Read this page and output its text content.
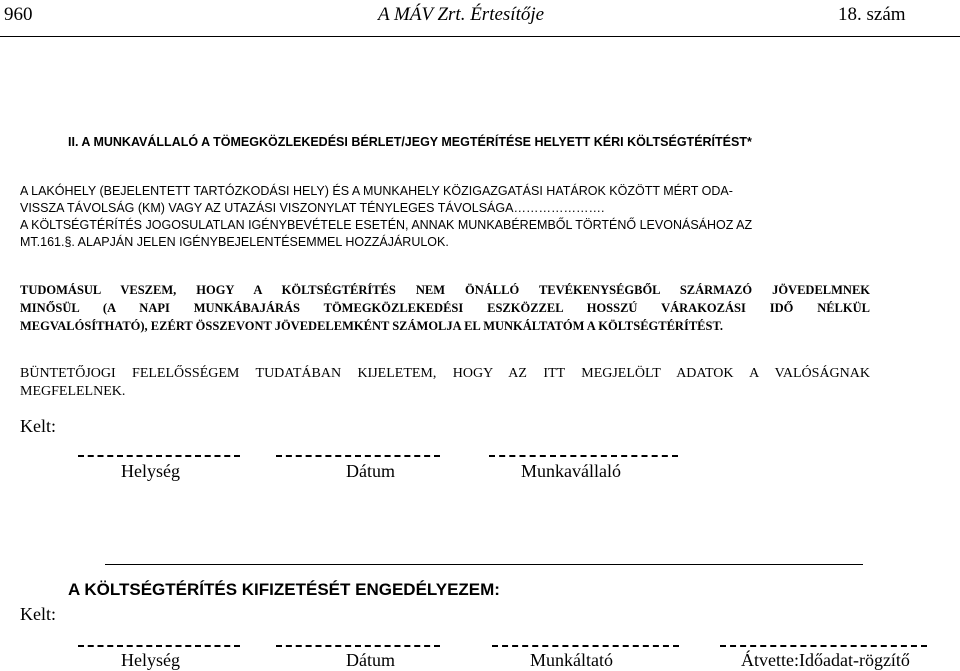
960	A MÁV Zrt. Értesítője	18. szám
II. A MUNKAVÁLLALÓ A TÖMEGKÖZLEKEDÉSI BÉRLET/JEGY MEGTÉRÍTÉSE HELYETT KÉRI KÖLTSÉGTÉRÍTÉST*
A LAKÓHELY (BEJELENTETT TARTÓZKODÁSI HELY) ÉS A MUNKAHELY KÖZIGAZGATÁSI HATÁROK KÖZÖTT MÉRT ODA-
VISSZA TÁVOLSÁG (KM) VAGY AZ UTAZÁSI VISZONYLAT TÉNYLEGES TÁVOLSÁGA………………….
A KÖLTSÉGTÉRÍTÉS JOGOSULATLAN IGÉNYBEVÉTELE ESETÉN, ANNAK MUNKABÉREMBŐL TÖRTÉNŐ LEVONÁSÁHOZ AZ
MT.161.§. ALAPJÁN JELEN IGÉNYBEJELENTÉSEMMEL HOZZÁJÁRULOK.
TUDOMÁSUL VESZEM, HOGY A KÖLTSÉGTÉRÍTÉS NEM ÖNÁLLÓ TEVÉKENYSÉGBŐL SZÁRMAZÓ JÖVEDELMNEK
MINŐSÜL (A NAPI MUNKÁBAJÁRÁS TÖMEGKÖZLEKEDÉSI ESZKÖZZEL HOSSZÚ VÁRAKOZÁSI IDŐ NÉLKÜL
MEGVALÓSÍTHATÓ), EZÉRT ÖSSZEVONT JÖVEDELEMKÉNT SZÁMOLJA EL MUNKÁLTATÓM A KÖLTSÉGTÉRÍTÉST.
BÜNTETŐJOGI FELELŐSSÉGEM TUDATÁBAN KIJELETEM, HOGY AZ ITT MEGJELÖLT ADATOK A VALÓSÁGNAK
MEGFELELNEK.
Kelt:
Helység	Dátum	Munkavállaló
A KÖLTSÉGTÉRÍTÉS KIFIZETÉSÉT ENGEDÉLYEZEM:
Kelt:
Helység	Dátum	Munkáltató	Átvette:Időadat-rögzítő
